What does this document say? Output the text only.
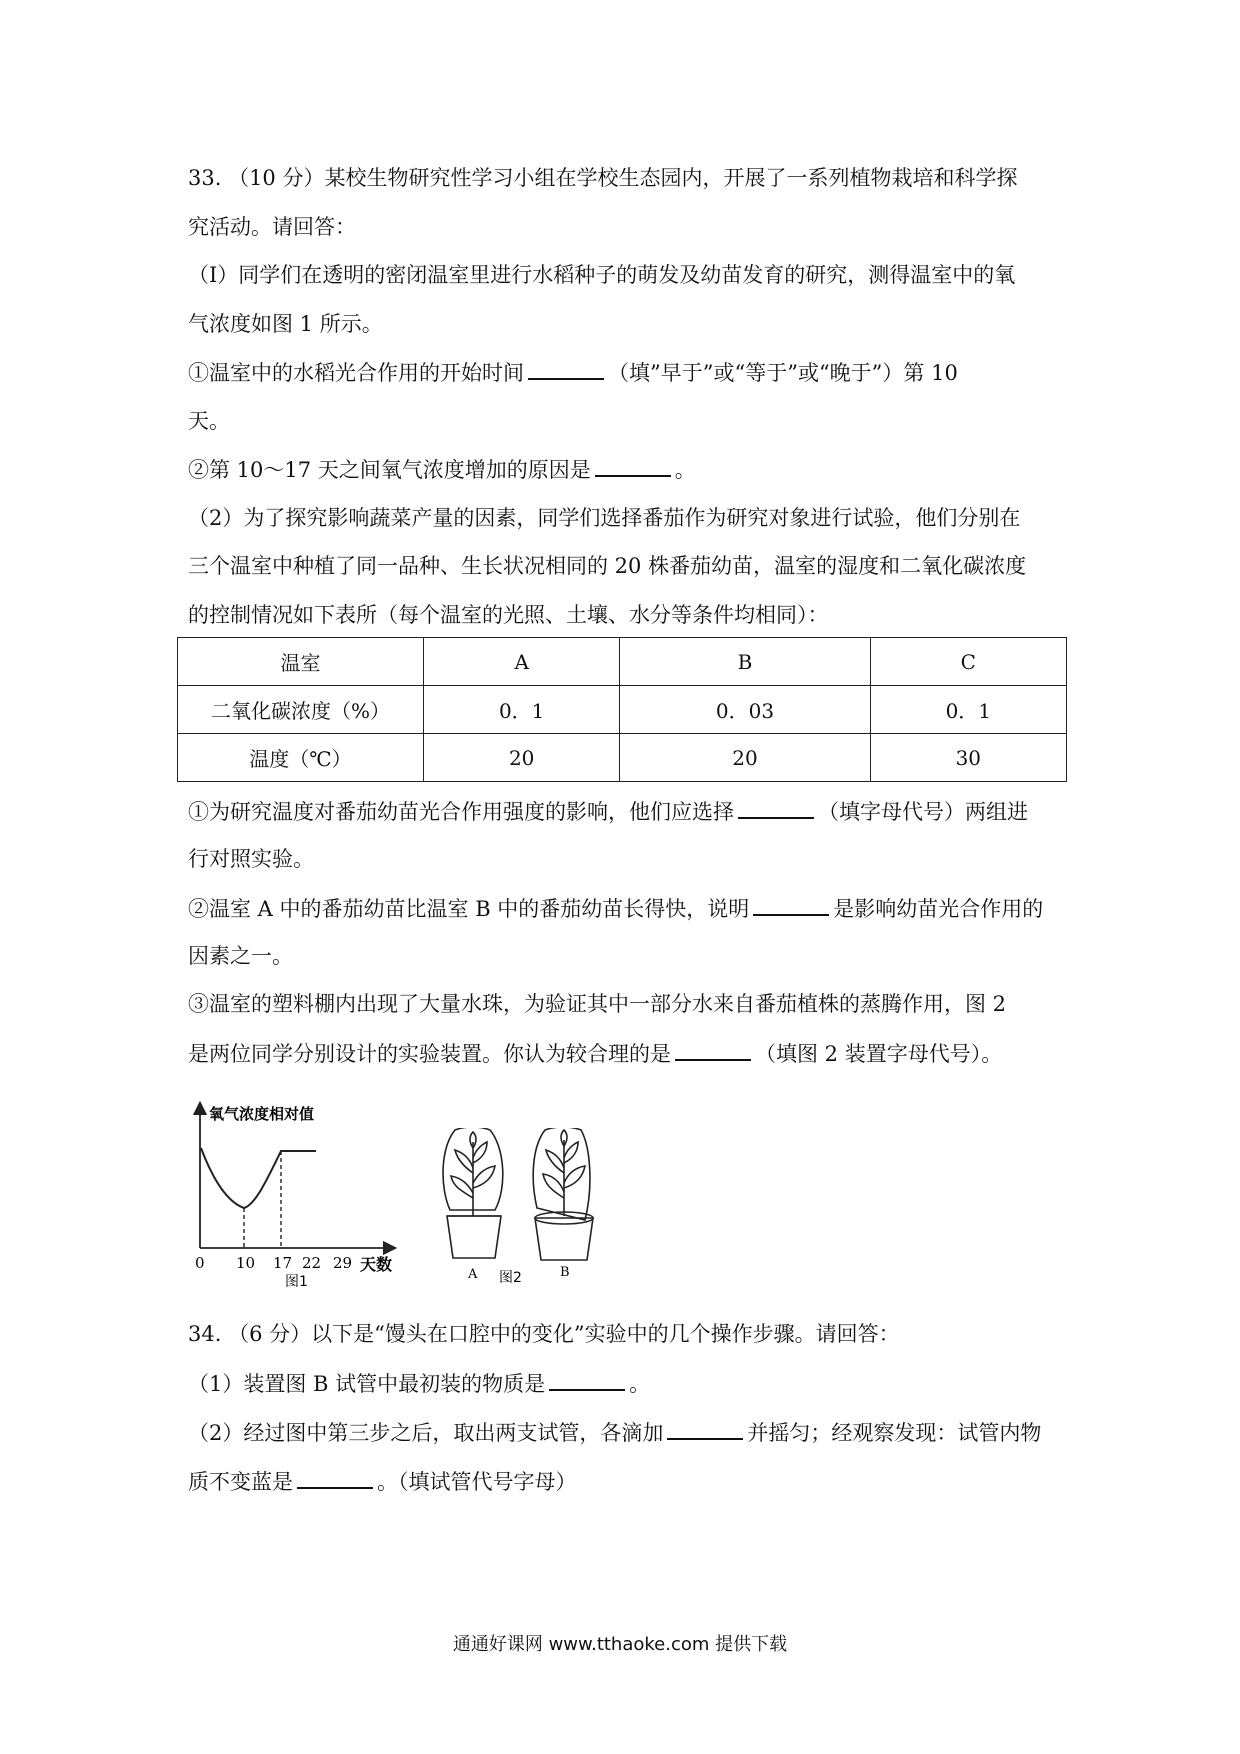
33. （10 分）某校生物研究性学习小组在学校生态园内，开展了一系列植物栽培和科学探
究活动。请回答：
（Ⅰ）同学们在透明的密闭温室里进行水稻种子的萌发及幼苗发育的研究，测得温室中的氧
气浓度如图 1 所示。
①温室中的水稻光合作用的开始时间	（填”早于”或“等于”或“晚于”）第 10
天。
②第 10～17 天之间氧气浓度增加的原因是	。
（2）为了探究影响蔬菜产量的因素，同学们选择番茄作为研究对象进行试验，他们分别在
三个温室中种植了同一品种、生长状况相同的 20 株番茄幼苗，温室的湿度和二氧化碳浓度
的控制情况如下表所（每个温室的光照、土壤、水分等条件均相同）：
温室	A	B	C
二氧化碳浓度（%）	0．1	0．03	0．1
温度（℃）	20	20	30
①为研究温度对番茄幼苗光合作用强度的影响，他们应选择	（填字母代号）两组进
行对照实验。
②温室 A 中的番茄幼苗比温室 B 中的番茄幼苗长得快，说明	是影响幼苗光合作用的
因素之一。
③温室的塑料棚内出现了大量水珠，为验证其中一部分水来自番茄植株的蒸腾作用，图 2
是两位同学分别设计的实验装置。你认为较合理的是	（填图 2 装置字母代号）。
氧气浓度相对值
0 10 17 22 29 天数
图1	A 图2	B
34. （6 分）以下是“馒头在口腔中的变化”实验中的几个操作步骤。请回答：
（1）装置图 B 试管中最初装的物质是	。
（2）经过图中第三步之后，取出两支试管，各滴加	并摇匀；经观察发现：试管内物
质不变蓝是	。（填试管代号字母）
通通好课网 www.tthaoke.com 提供下载
